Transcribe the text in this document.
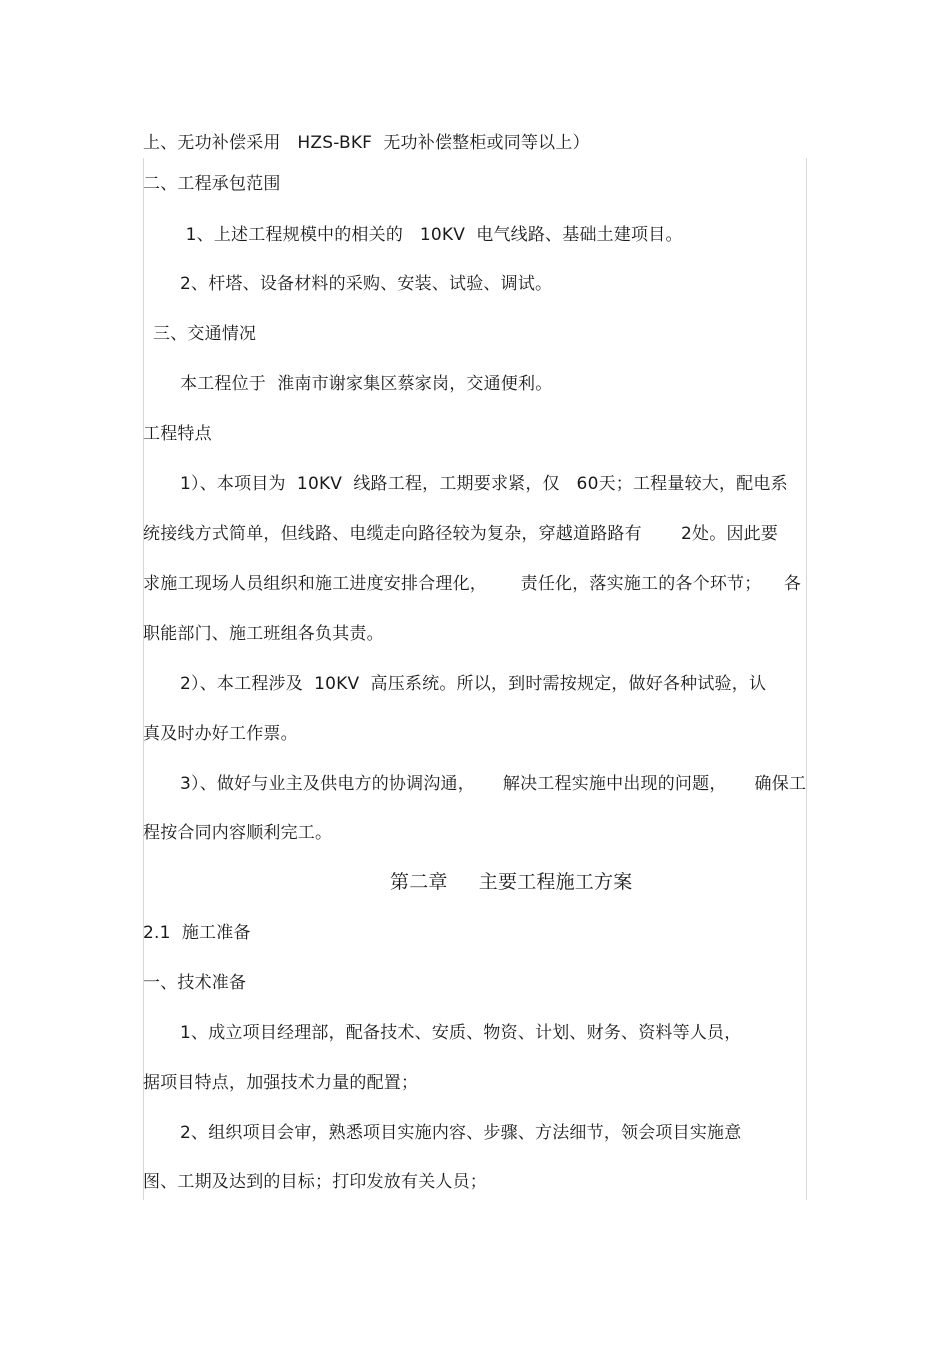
上、无功补偿采用   HZS-BKF  无功补偿整柜或同等以上）
二、工程承包范围
1、上述工程规模中的相关的   10KV  电气线路、基础土建项目。
2、杆塔、设备材料的采购、安装、试验、调试。
三、交通情况
本工程位于  淮南市谢家集区蔡家岗，交通便利。
工程特点
1）、本项目为  10KV  线路工程，工期要求紧，仅   60天；工程量较大，配电系
统接线方式简单，但线路、电缆走向路径较为复杂，穿越道路路有       2处。因此要
求施工现场人员组织和施工进度安排合理化，      责任化，落实施工的各个环节；    各
职能部门、施工班组各负其责。
2）、本工程涉及  10KV  高压系统。所以，到时需按规定，做好各种试验，认
真及时办好工作票。
3）、做好与业主及供电方的协调沟通，     解决工程实施中出现的问题，     确保工
程按合同内容顺利完工。
第二章     主要工程施工方案
2.1  施工准备
一、技术准备
1、成立项目经理部，配备技术、安质、物资、计划、财务、资料等人员，
据项目特点，加强技术力量的配置；
2、组织项目会审，熟悉项目实施内容、步骤、方法细节，领会项目实施意
图、工期及达到的目标；打印发放有关人员；
